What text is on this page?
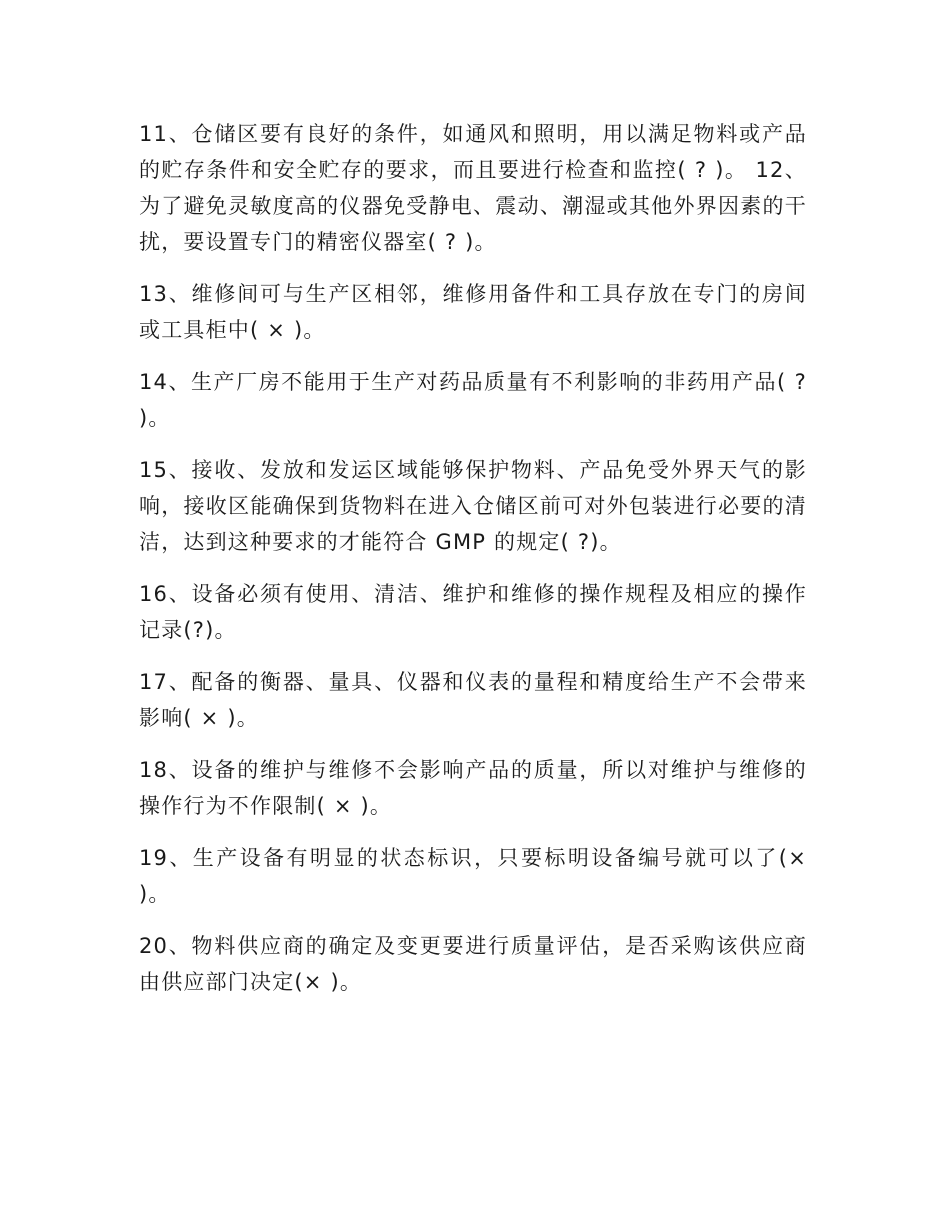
11、仓储区要有良好的条件，如通风和照明，用以满足物料或产品的贮存条件和安全贮存的要求，而且要进行检查和监控( ? )。 12、为了避免灵敏度高的仪器免受静电、震动、潮湿或其他外界因素的干扰，要设置专门的精密仪器室( ? )。

13、维修间可与生产区相邻，维修用备件和工具存放在专门的房间或工具柜中( × )。

14、生产厂房不能用于生产对药品质量有不利影响的非药用产品( ? )。

15、接收、发放和发运区域能够保护物料、产品免受外界天气的影响，接收区能确保到货物料在进入仓储区前可对外包装进行必要的清洁，达到这种要求的才能符合 GMP 的规定( ?)。

16、设备必须有使用、清洁、维护和维修的操作规程及相应的操作记录(?)。

17、配备的衡器、量具、仪器和仪表的量程和精度给生产不会带来影响( × )。

18、设备的维护与维修不会影响产品的质量，所以对维护与维修的操作行为不作限制( × )。

19、生产设备有明显的状态标识，只要标明设备编号就可以了(× )。

20、物料供应商的确定及变更要进行质量评估，是否采购该供应商由供应部门决定(× )。
